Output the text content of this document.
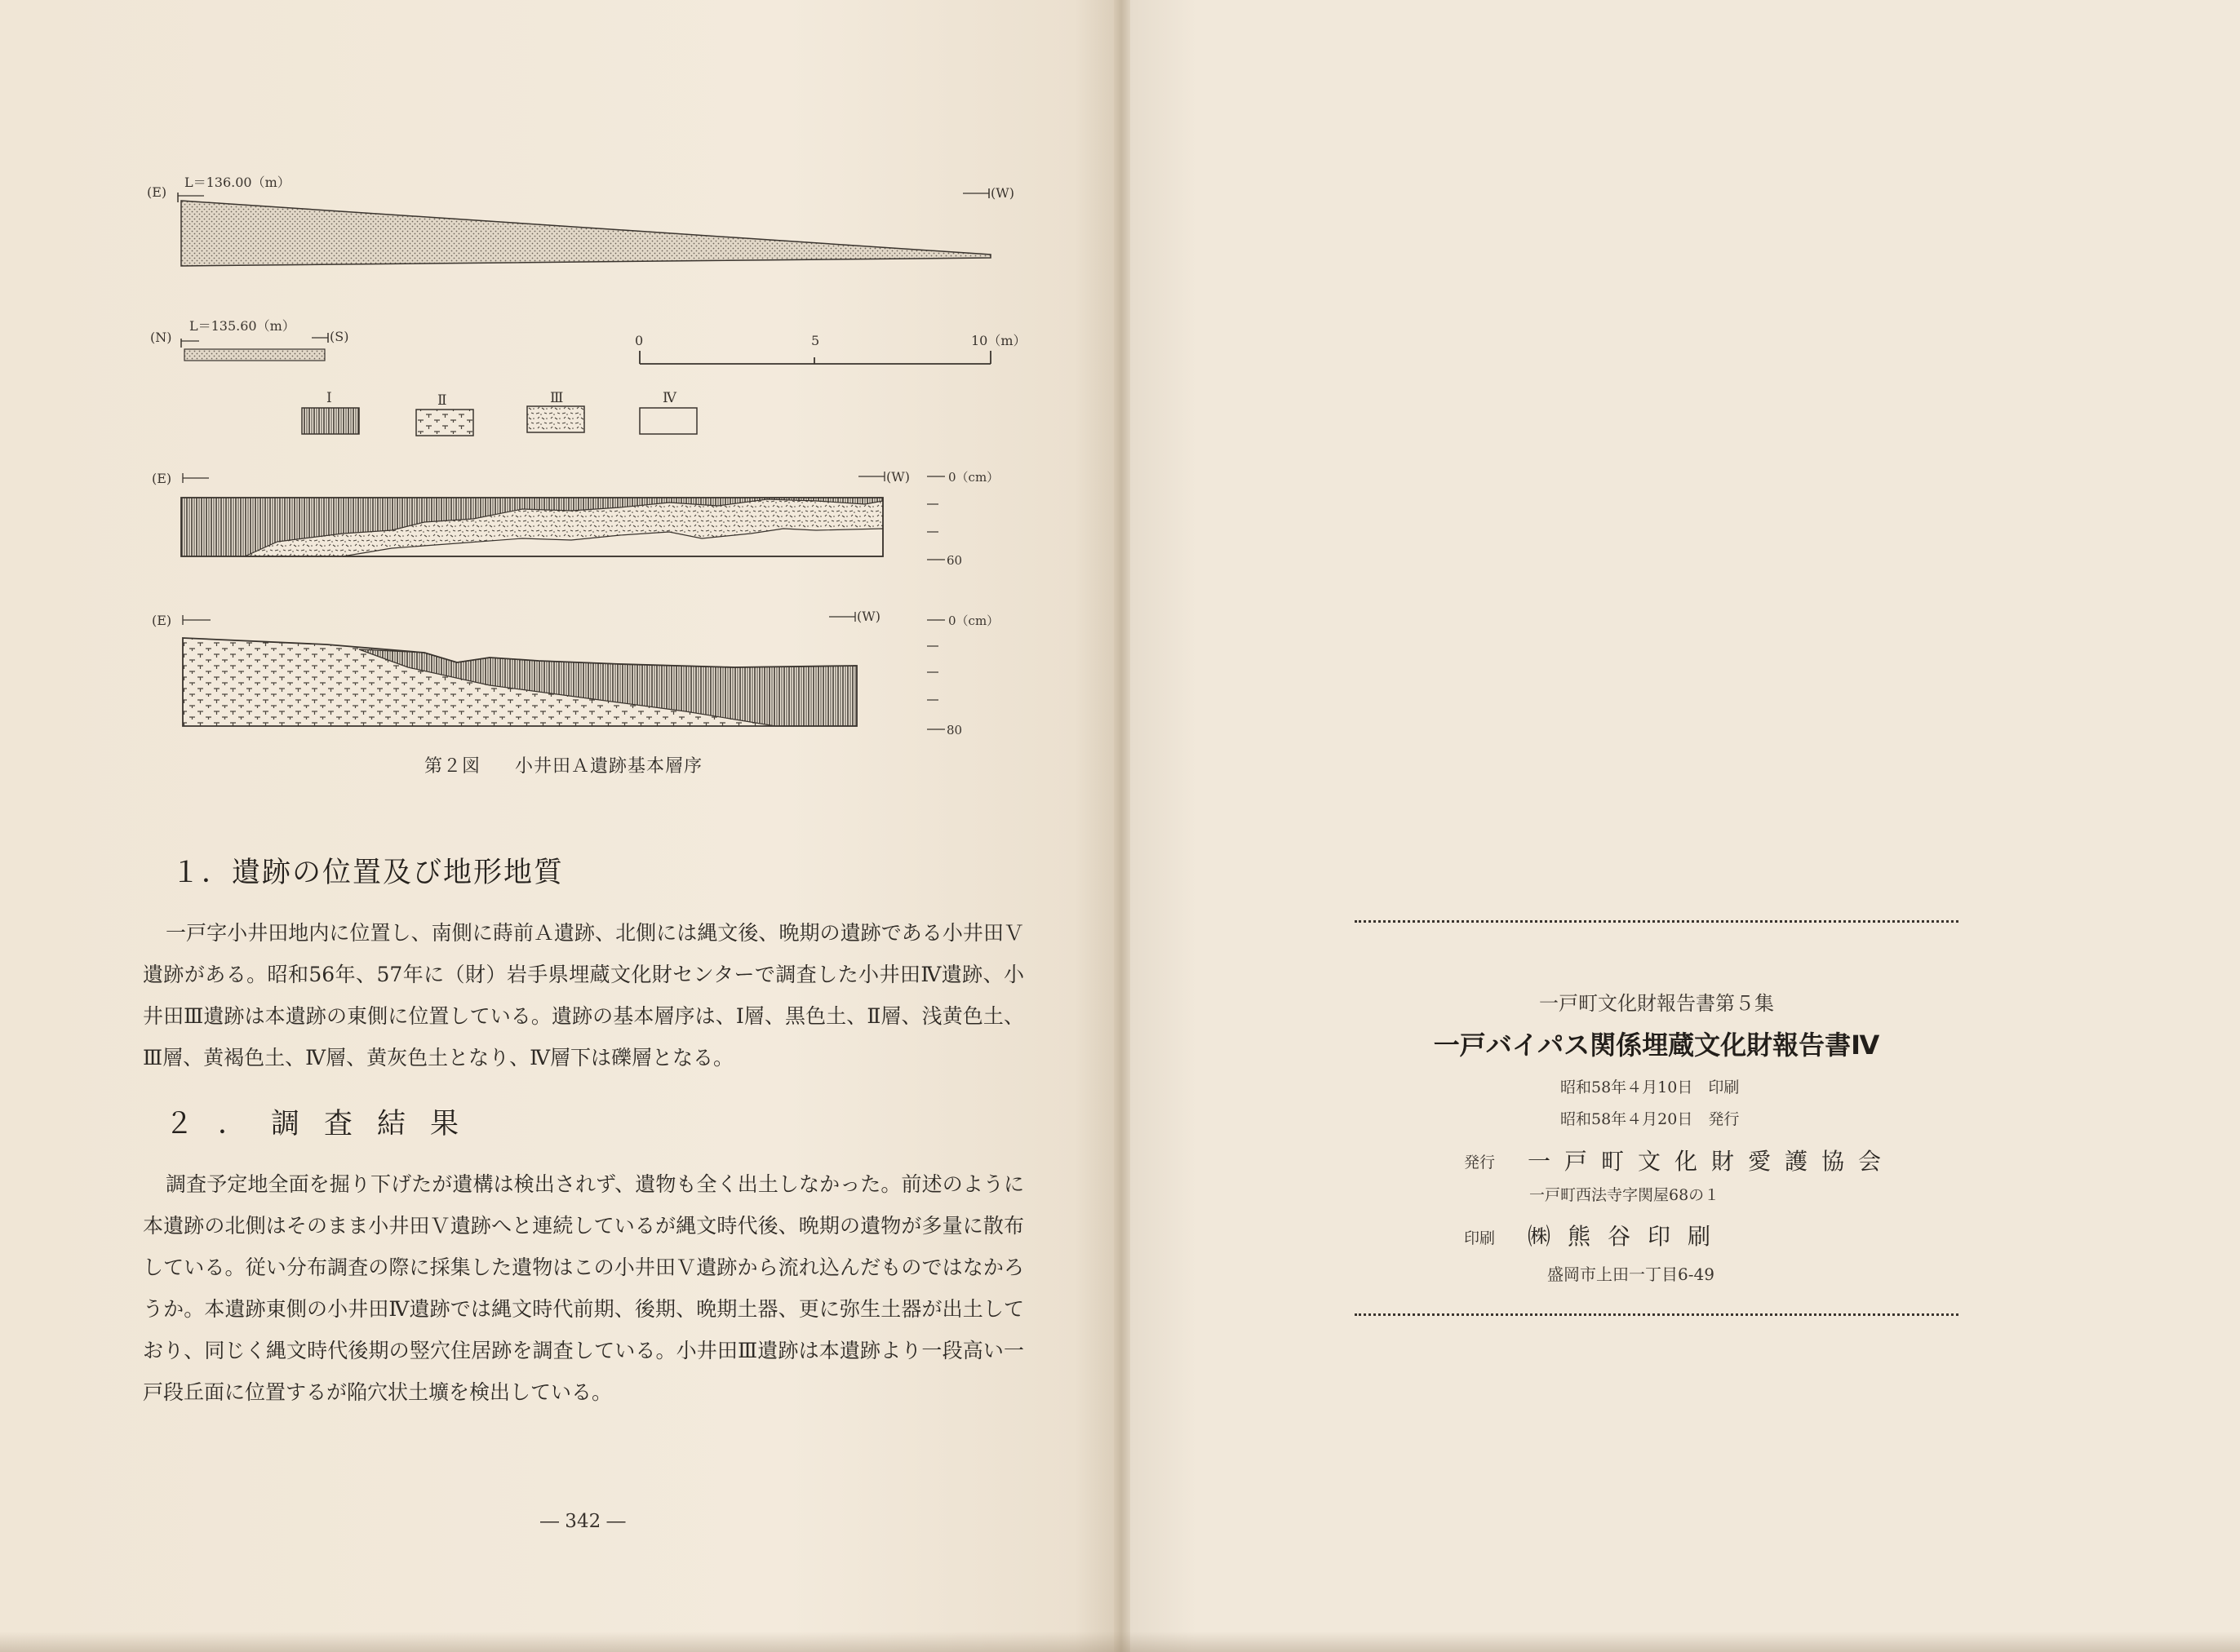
(E)
L＝136.00（m）
(W)
(N)
L＝135.60（m）
(S)	0	5	10（m）
Ⅰ	Ⅱ	Ⅲ	Ⅳ
(E)	(W)	0（cm）
60
(E)	(W)	0（cm）
80
第２図 小井田Ａ遺跡基本層序
１．遺跡の位置及び地形地質

一戸字小井田地内に位置し、南側に蒔前Ａ遺跡、北側には縄文後、晩期の遺跡である小井田Ｖ遺跡がある。昭和56年、57年に（財）岩手県埋蔵文化財センターで調査した小井田Ⅳ遺跡、小井田Ⅲ遺跡は本遺跡の東側に位置している。遺跡の基本層序は、Ⅰ層、黒色土、Ⅱ層、浅黄色土、Ⅲ層、黄褐色土、Ⅳ層、黄灰色土となり、Ⅳ層下は礫層となる。

２．調査結果

調査予定地全面を掘り下げたが遺構は検出されず、遺物も全く出土しなかった。前述のように本遺跡の北側はそのまま小井田Ｖ遺跡へと連続しているが縄文時代後、晩期の遺物が多量に散布している。従い分布調査の際に採集した遺物はこの小井田Ｖ遺跡から流れ込んだものではなかろうか。本遺跡東側の小井田Ⅳ遺跡では縄文時代前期、後期、晩期土器、更に弥生土器が出土しており、同じく縄文時代後期の竪穴住居跡を調査している。小井田Ⅲ遺跡は本遺跡より一段高い一戸段丘面に位置するが陥穴状土壙を検出している。

― 342 ―
一戸町文化財報告書第５集
一戸バイパス関係埋蔵文化財報告書Ⅳ
昭和58年４月10日　印刷
昭和58年４月20日　発行
発行 一戸町文化財愛護協会
一戸町西法寺字関屋68の１
印刷 ㈱熊谷印刷
盛岡市上田一丁目6-49
